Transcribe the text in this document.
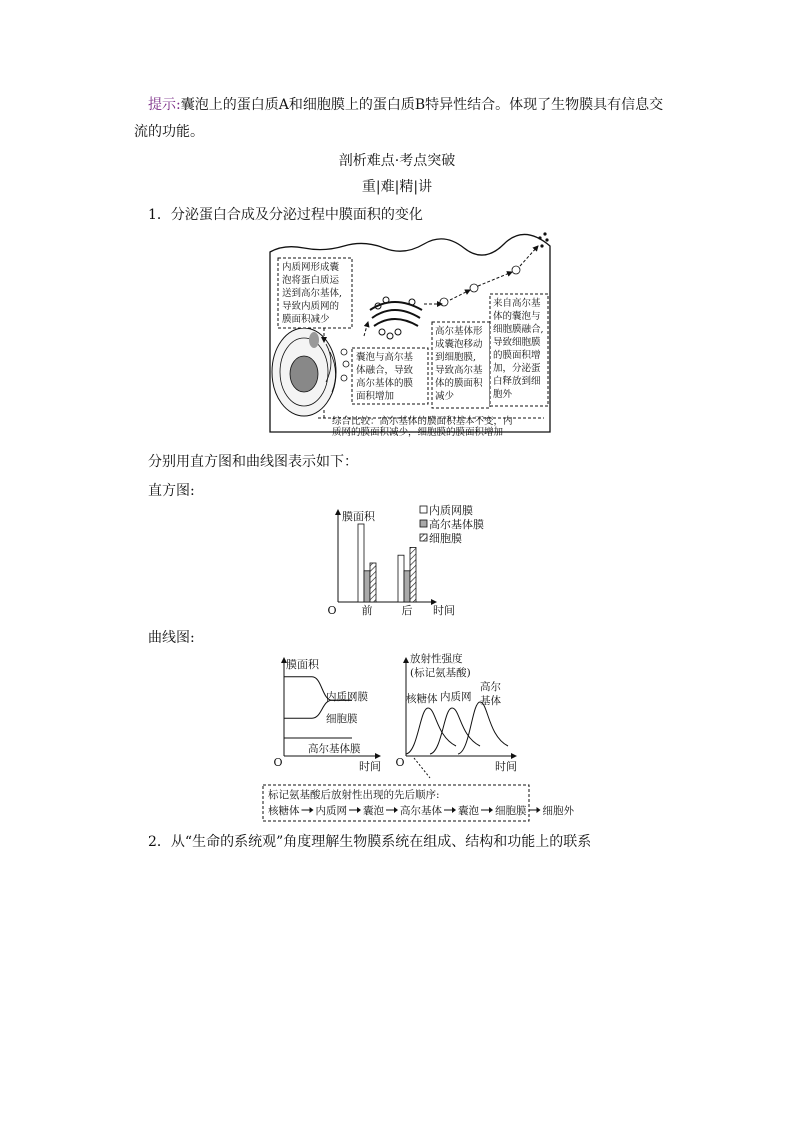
提示:囊泡上的蛋白质A和细胞膜上的蛋白质B特异性结合。体现了生物膜具有信息交
流的功能。
剖析难点·考点突破
重|难|精|讲
1．分泌蛋白合成及分泌过程中膜面积的变化
内质网形成囊
泡将蛋白质运
送到高尔基体,
导致内质网的
膜面积减少
囊泡与高尔基
体融合，导致
高尔基体的膜
面积增加
高尔基体形
成囊泡移动
到细胞膜,
导致高尔基
体的膜面积
减少
来自高尔基
体的囊泡与
细胞膜融合,
导致细胞膜
的膜面积增
加，分泌蛋
白释放到细
胞外
综合比较：高尔基体的膜面积基本不变，内
质网的膜面积减少，细胞膜的膜面积增加
分别用直方图和曲线图表示如下：
直方图:
膜面积
时间
O 前	后
内质网膜
高尔基体膜
细胞膜
曲线图:
膜面积
时间
O
内质网膜
细胞膜
高尔基体膜
放射性强度
(标记氨基酸)
时间
O
核糖体 内质网
高尔
基体
标记氨基酸后放射性出现的先后顺序:
核糖体 内质网 囊泡 高尔基体 囊泡 细胞膜 细胞外
2．从“生命的系统观”角度理解生物膜系统在组成、结构和功能上的联系
